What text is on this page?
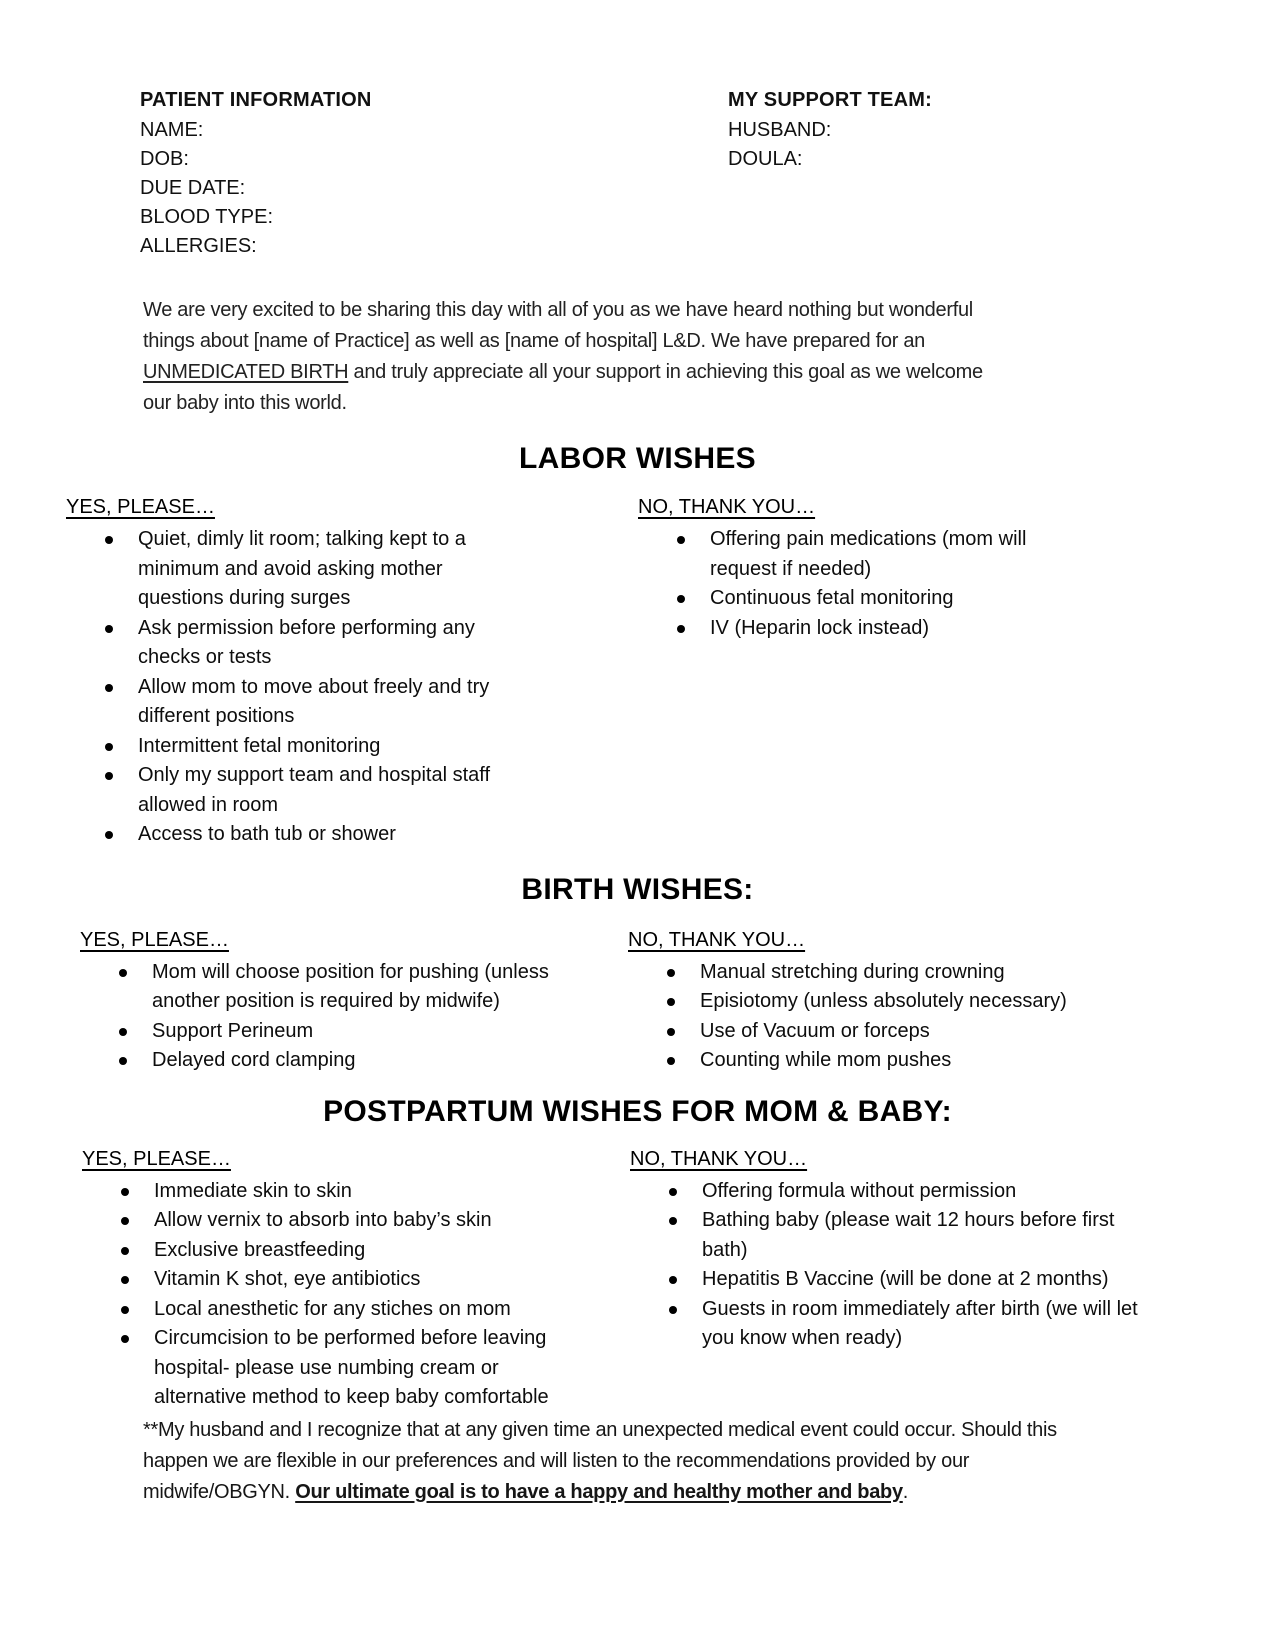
PATIENT INFORMATION
NAME:
DOB:
DUE DATE:
BLOOD TYPE:
ALLERGIES:
MY SUPPORT TEAM:
HUSBAND:
DOULA:

We are very excited to be sharing this day with all of you as we have heard nothing but wonderful things about [name of Practice] as well as [name of hospital] L&D. We have prepared for an UNMEDICATED BIRTH and truly appreciate all your support in achieving this goal as we welcome our baby into this world.

LABOR WISHES
YES, PLEASE…
Quiet, dimly lit room; talking kept to a minimum and avoid asking mother questions during surges
Ask permission before performing any checks or tests
Allow mom to move about freely and try different positions
Intermittent fetal monitoring
Only my support team and hospital staff allowed in room
Access to bath tub or shower
NO, THANK YOU…
Offering pain medications (mom will request if needed)
Continuous fetal monitoring
IV (Heparin lock instead)
BIRTH WISHES:
YES, PLEASE…
Mom will choose position for pushing (unless another position is required by midwife)
Support Perineum
Delayed cord clamping
NO, THANK YOU…
Manual stretching during crowning
Episiotomy (unless absolutely necessary)
Use of Vacuum or forceps
Counting while mom pushes
POSTPARTUM WISHES FOR MOM & BABY:
YES, PLEASE…
Immediate skin to skin
Allow vernix to absorb into baby’s skin
Exclusive breastfeeding
Vitamin K shot, eye antibiotics
Local anesthetic for any stiches on mom
Circumcision to be performed before leaving hospital- please use numbing cream or alternative method to keep baby comfortable
NO, THANK YOU…
Offering formula without permission
Bathing baby (please wait 12 hours before first bath)
Hepatitis B Vaccine (will be done at 2 months)
Guests in room immediately after birth (we will let you know when ready)

**My husband and I recognize that at any given time an unexpected medical event could occur. Should this happen we are flexible in our preferences and will listen to the recommendations provided by our midwife/OBGYN. Our ultimate goal is to have a happy and healthy mother and baby.
